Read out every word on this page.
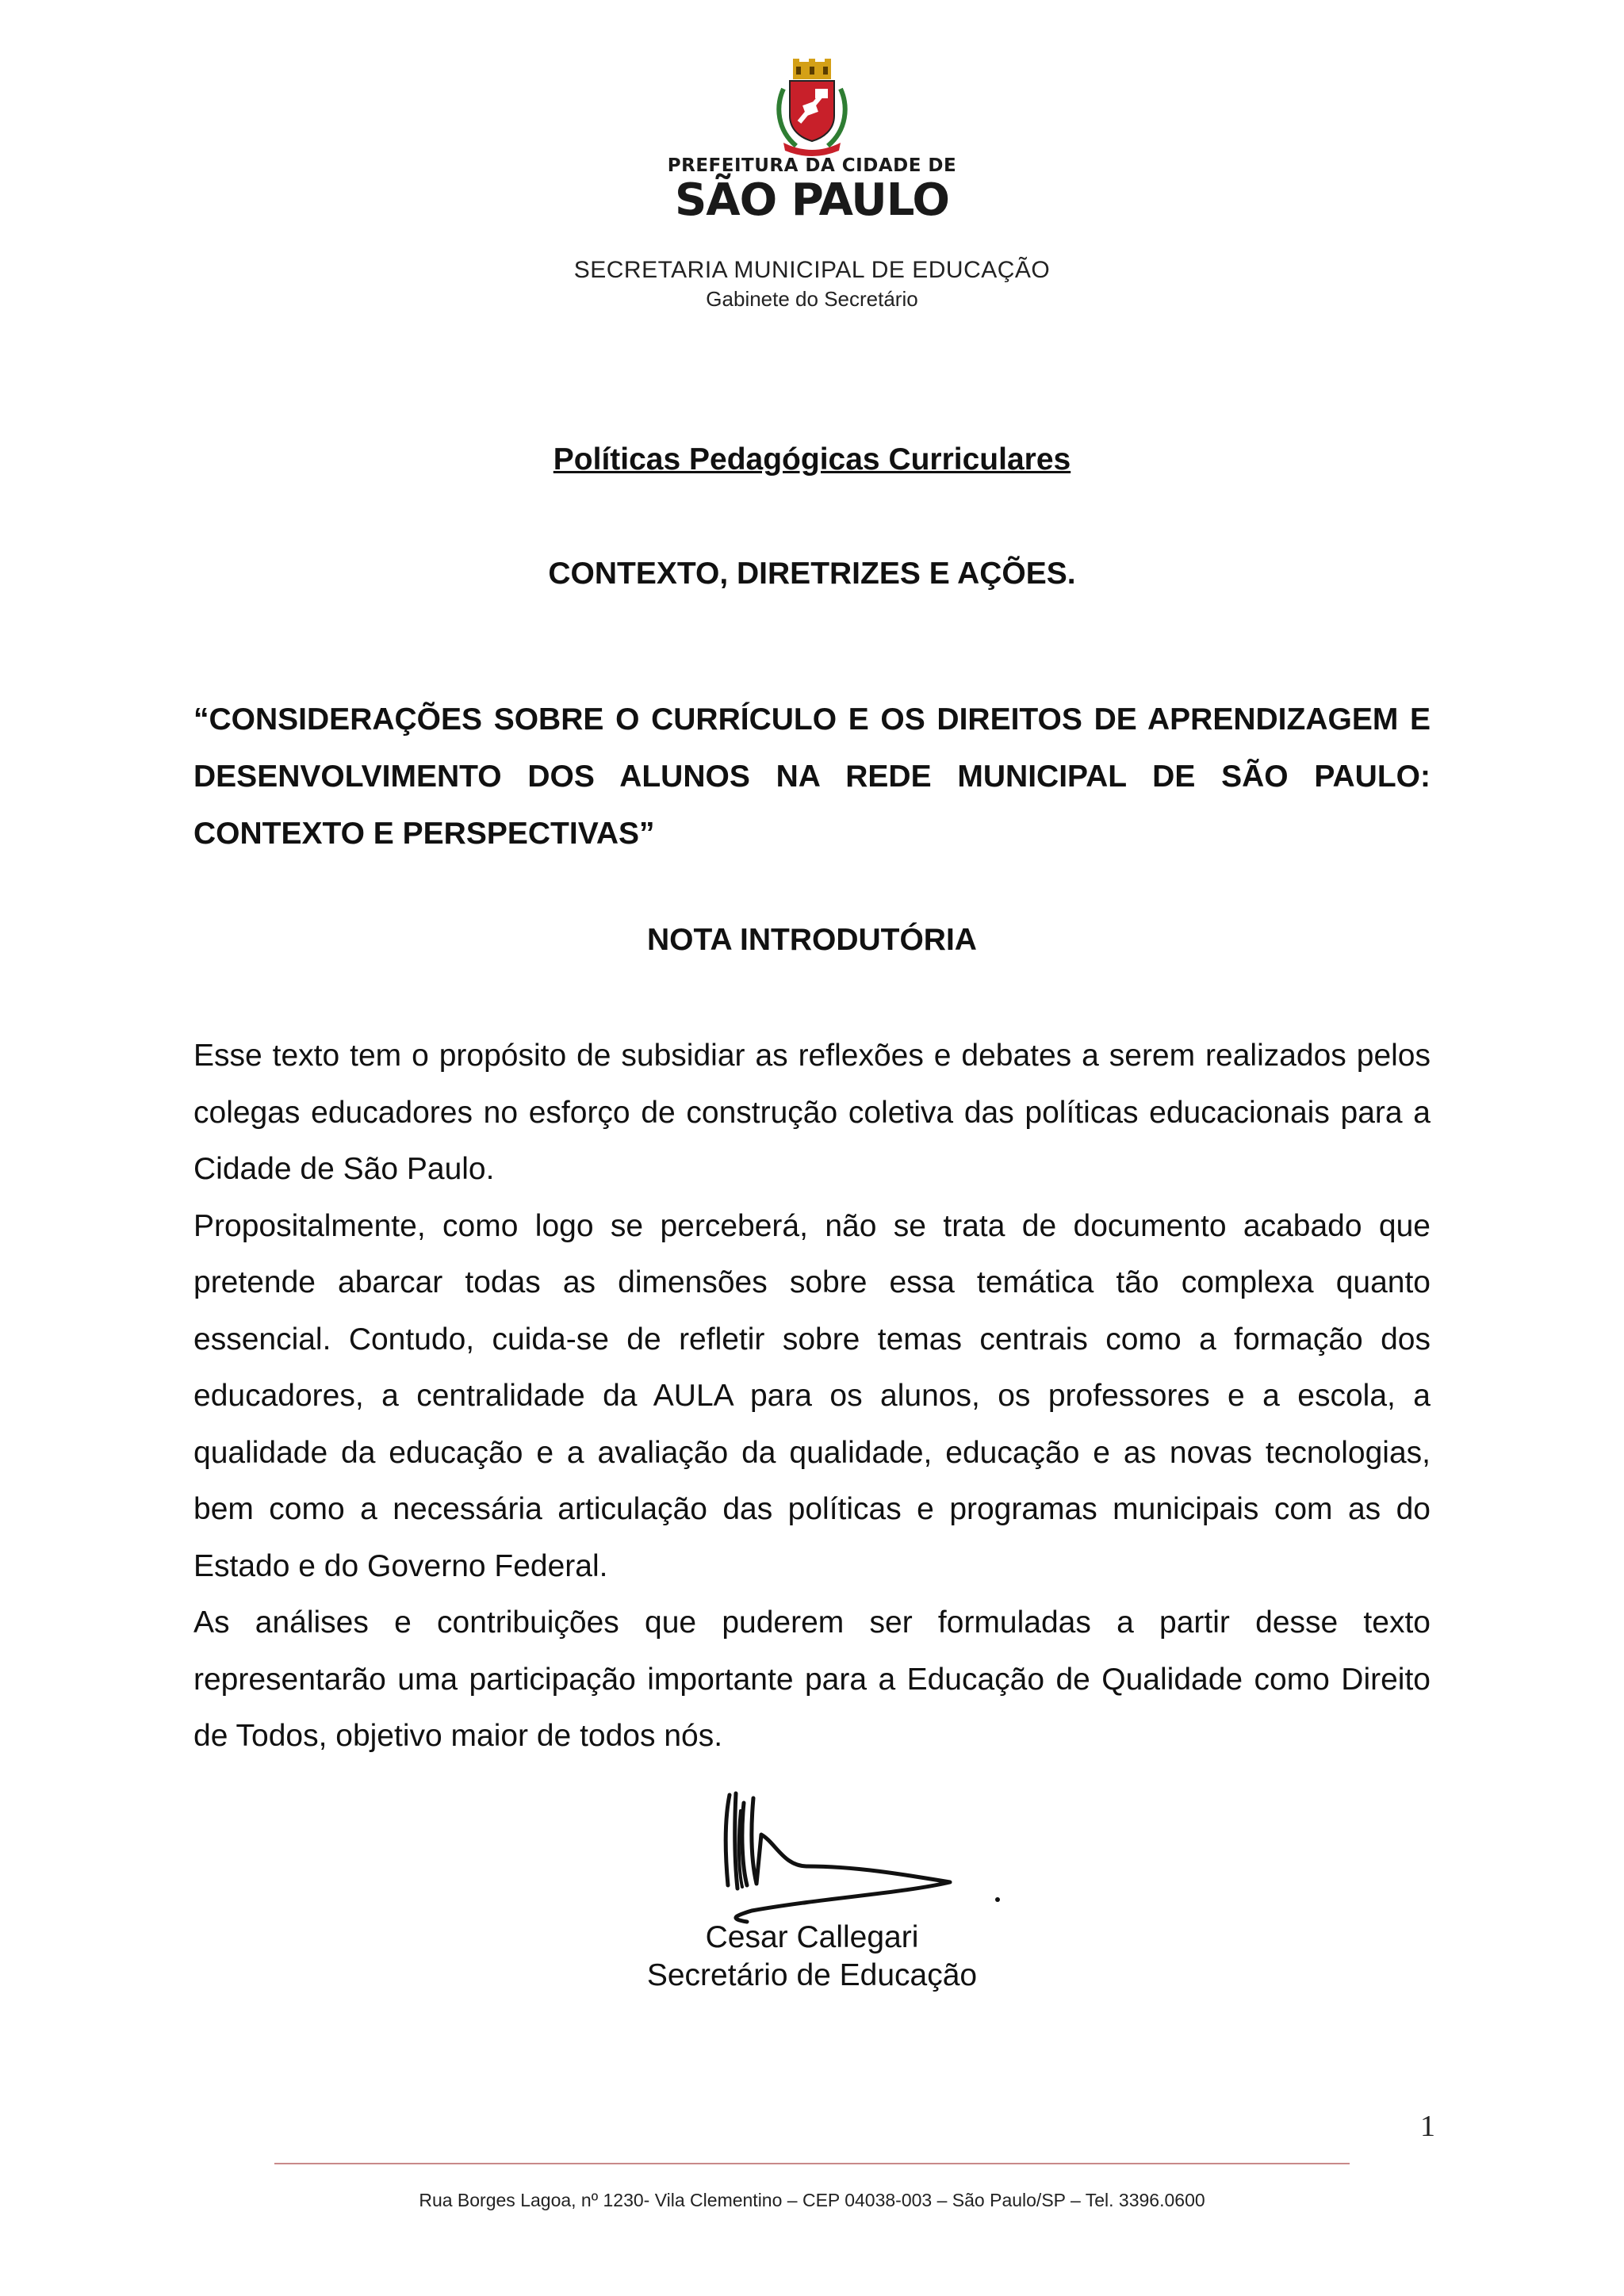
PREFEITURA DA CIDADE DE
SÃO PAULO
SECRETARIA MUNICIPAL DE EDUCAÇÃO
Gabinete do Secretário
Políticas Pedagógicas Curriculares
CONTEXTO, DIRETRIZES E AÇÕES.
“CONSIDERAÇÕES SOBRE O CURRÍCULO E OS DIREITOS DE APRENDIZAGEM E DESENVOLVIMENTO DOS ALUNOS NA REDE MUNICIPAL DE SÃO PAULO: CONTEXTO E PERSPECTIVAS”
NOTA INTRODUTÓRIA

Esse texto tem o propósito de subsidiar as reflexões e debates a serem realizados pelos colegas educadores no esforço de construção coletiva das políticas educacionais para a Cidade de São Paulo.

Propositalmente, como logo se perceberá, não se trata de documento acabado que pretende abarcar todas as dimensões sobre essa temática tão complexa quanto essencial. Contudo, cuida-se de refletir sobre temas centrais como a formação dos educadores, a centralidade da AULA para os alunos, os professores e a escola, a qualidade da educação e a avaliação da qualidade, educação e as novas tecnologias, bem como a necessária articulação das políticas e programas municipais com as do Estado e do Governo Federal.

As análises e contribuições que puderem ser formuladas a partir desse texto representarão uma participação importante para a Educação de Qualidade como Direito de Todos, objetivo maior de todos nós.

Cesar Callegari
Secretário de Educação
1
Rua Borges Lagoa, nº 1230- Vila Clementino – CEP 04038-003 – São Paulo/SP – Tel. 3396.0600
